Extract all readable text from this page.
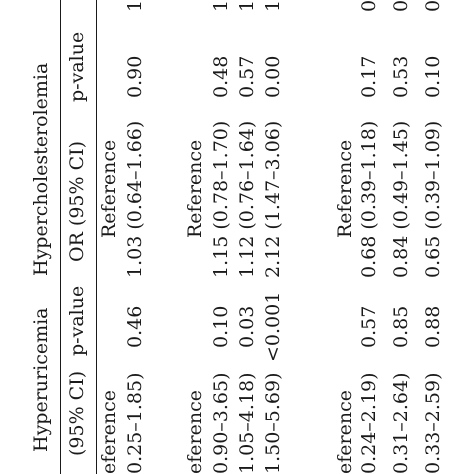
Hyperuricemia
Hypercholesterolemia
(95% CI)
p-value
OR (95% CI)
p-value
eference
Reference
0.25–1.85)
0.46
1.03 (0.64–1.66)
0.90
1
eference
Reference
0.90–3.65)
0.10
1.15 (0.78–1.70)
0.48
1
1.05–4.18)
0.03
1.12 (0.76–1.64)
0.57
1
1.50–5.69)
<0.001
2.12 (1.47–3.06)
0.00
1
eference
Reference
0.24–2.19)
0.57
0.68 (0.39–1.18)
0.17
0
0.31–2.64)
0.85
0.84 (0.49–1.45)
0.53
0
0.33–2.59)
0.88
0.65 (0.39–1.09)
0.10
0
